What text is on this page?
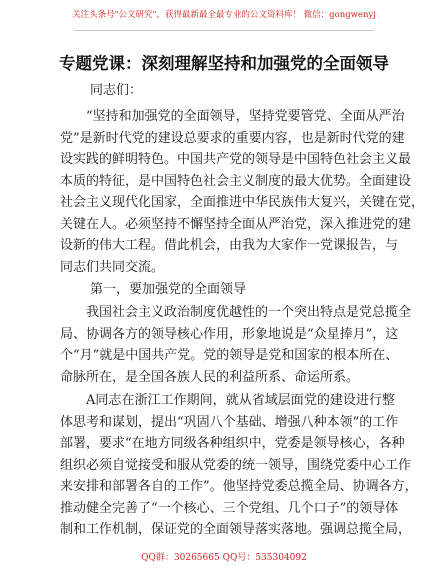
关注头条号"公文研究"，获得最新最全最专业的公文资料库！ 微信：gongwenyj
专题党课：深刻理解坚持和加强党的全面领导
同志们：
“坚持和加强党的全面领导，坚持党要管党、全面从严治
党”是新时代党的建设总要求的重要内容，也是新时代党的建
设实践的鲜明特色。中国共产党的领导是中国特色社会主义最
本质的特征，是中国特色社会主义制度的最大优势。全面建设
社会主义现代化国家，全面推进中华民族伟大复兴，关键在党，
关键在人。必须坚持不懈坚持全面从严治党，深入推进党的建
设新的伟大工程。借此机会，由我为大家作一党课报告，与
同志们共同交流。
第一，要加强党的全面领导
我国社会主义政治制度优越性的一个突出特点是党总揽全
局、协调各方的领导核心作用，形象地说是“众星捧月”，这
个“月”就是中国共产党。党的领导是党和国家的根本所在、
命脉所在，是全国各族人民的利益所系、命运所系。
A同志在浙江工作期间，就从省域层面党的建设进行整
体思考和谋划，提出“巩固八个基础、增强八种本领”的工作
部署，要求“在地方同级各种组织中，党委是领导核心，各种
组织必须自觉接受和服从党委的统一领导，围绕党委中心工作
来安排和部署各自的工作”。他坚持党委总揽全局、协调各方，
推动健全完善了“一个核心、三个党组、几个口子”的领导体
制和工作机制，保证党的全面领导落实落地。强调总揽全局，
QQ群：30265665 QQ号：535304092
